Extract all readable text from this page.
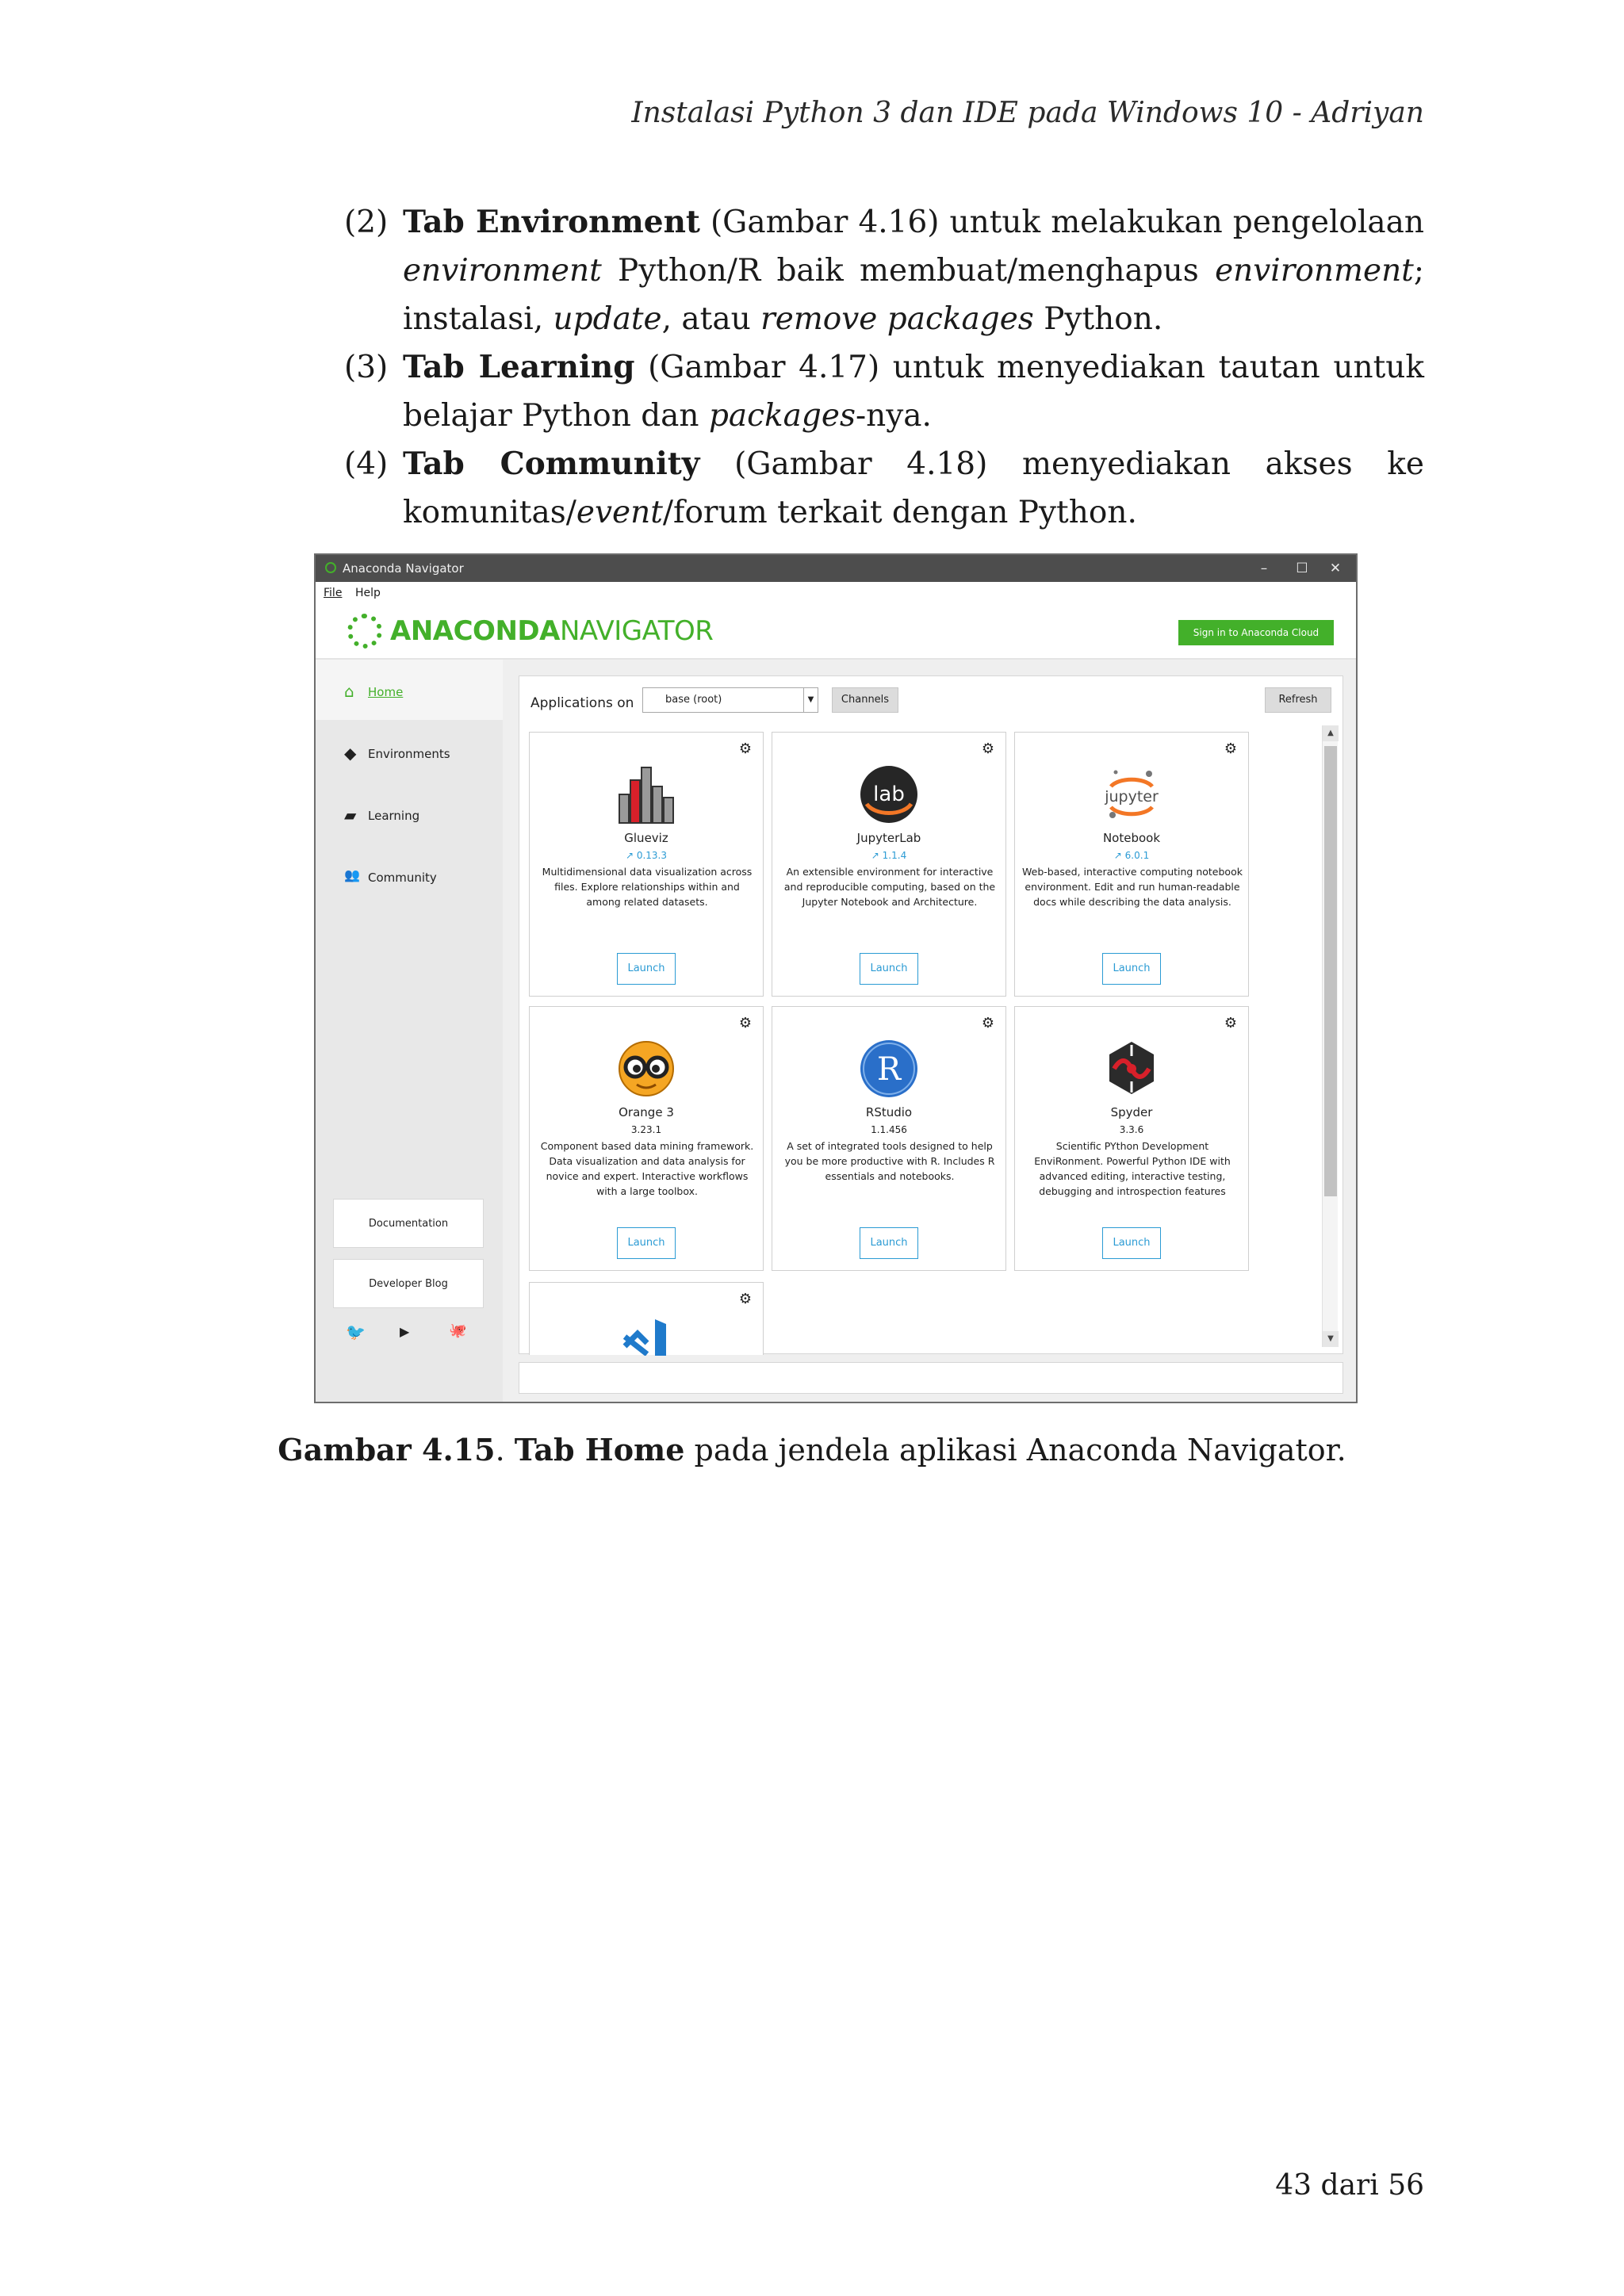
Instalasi Python 3 dan IDE pada Windows 10 - Adriyan

(2) Tab Environment (Gambar 4.16) untuk melakukan pengelolaan environment Python/R baik membuat/menghapus environment; instalasi, update, atau remove packages Python.

(3) Tab Learning (Gambar 4.17) untuk menyediakan tautan untuk belajar Python dan packages-nya.

(4) Tab Community (Gambar 4.18) menyediakan akses ke komunitas/event/forum terkait dengan Python.

Anaconda Navigator	–	☐	✕
File Help
ANACONDANAVIGATOR	Sign in to Anaconda Cloud
⌂ Home
◆ Environments
▰ Learning
👥 Community
Documentation
Developer Blog
🐦	▶	🐙
Applications on	base (root)	▼	Channels	Refresh
⚙
Glueviz
↗ 0.13.3
Multidimensional data visualization across files. Explore relationships within and among related datasets.
Launch
⚙
lab
JupyterLab
↗ 1.1.4
An extensible environment for interactive and reproducible computing, based on the Jupyter Notebook and Architecture.
Launch
⚙
jupyter
Notebook
↗ 6.0.1
Web-based, interactive computing notebook environment. Edit and run human-readable docs while describing the data analysis.
Launch
⚙
Orange 3
3.23.1
Component based data mining framework. Data visualization and data analysis for novice and expert. Interactive workflows with a large toolbox.
Launch
⚙
R
RStudio
1.1.456
A set of integrated tools designed to help you be more productive with R. Includes R essentials and notebooks.
Launch
⚙
Spyder
3.3.6
Scientific PYthon Development EnviRonment. Powerful Python IDE with advanced editing, interactive testing, debugging and introspection features
Launch
⚙
▲
▼
Gambar 4.15. Tab Home pada jendela aplikasi Anaconda Navigator.
43 dari 56
